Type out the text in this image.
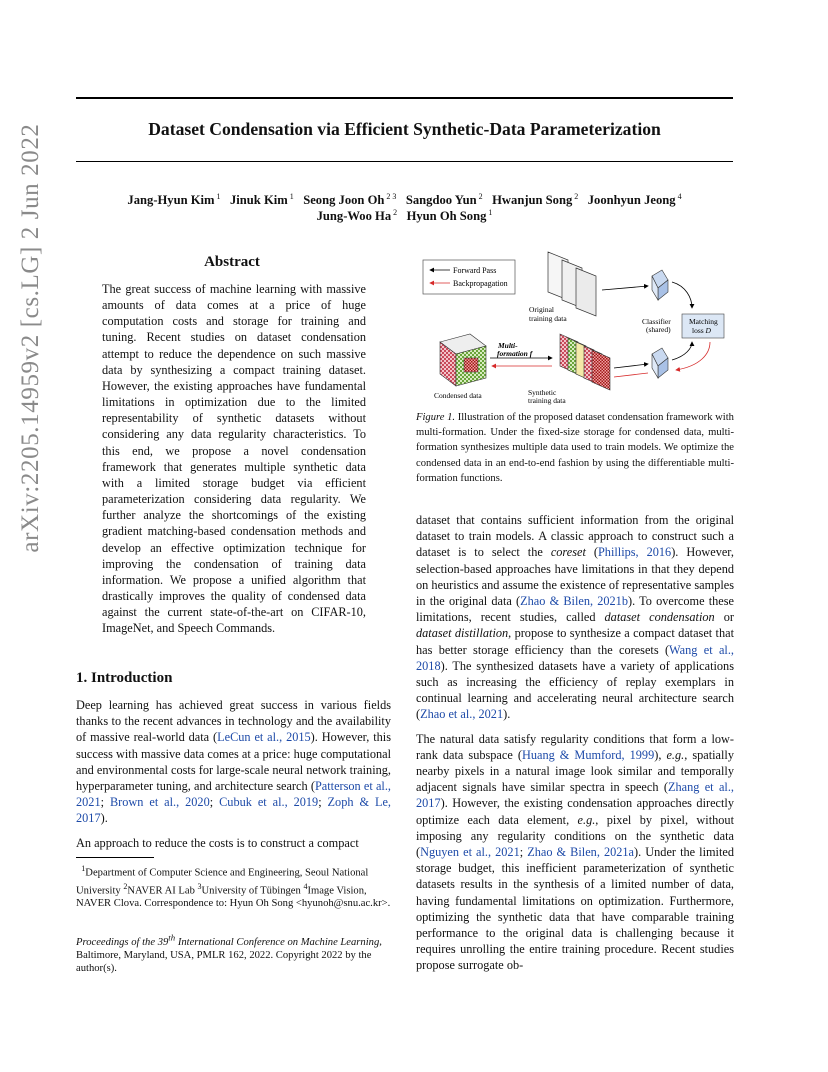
arXiv:2205.14959v2 [cs.LG] 2 Jun 2022	Dataset Condensation via Efficient Synthetic-Data Parameterization
Jang-Hyun Kim $^1$ Jinuk Kim $^1$ Seong Joon Oh $^{2 3}$ Sangdoo Yun $^2$ Hwanjun Song $^2$ Joonhyun Jeong $^4$
Jung-Woo Ha $^2$ Hyun Oh Song $^1$
Abstract
The great success of machine learning with massive amounts of data comes at a price of huge computation costs and storage for training and tuning. Recent studies on dataset condensation attempt to reduce the dependence on such massive data by synthesizing a compact training dataset. However, the existing approaches have fundamental limitations in optimization due to the limited representability of synthetic datasets without considering any data regularity characteristics. To this end, we propose a novel condensation framework that generates multiple synthetic data with a limited storage budget via efficient parameterization considering data regularity. We further analyze the shortcomings of the existing gradient matching-based condensation methods and develop an effective optimization technique for improving the condensation of training data information. We propose a unified algorithm that drastically improves the quality of condensed data against the current state-of-the-art on CIFAR-10, ImageNet, and Speech Commands.
1. Introduction

Deep learning has achieved great success in various fields thanks to the recent advances in technology and the availability of massive real-world data (LeCun et al., 2015). However, this success with massive data comes at a price: huge computational and environmental costs for large-scale neural network training, hyperparameter tuning, and architecture search (Patterson et al., 2021; Brown et al., 2020; Cubuk et al., 2019; Zoph & Le, 2017).

An approach to reduce the costs is to construct a compact

$^1$Department of Computer Science and Engineering, Seoul National University $^2$NAVER AI Lab $^3$University of Tübingen $^4$Image Vision, NAVER Clova. Correspondence to: Hyun Oh Song <hyunoh@snu.ac.kr>.
Proceedings of the 39th International Conference on Machine Learning, Baltimore, Maryland, USA, PMLR 162, 2022. Copyright 2022 by the author(s).
Forward Pass
Backpropagation
Original
training data	Classifier
(shared)
Matching
loss D
Synthetic
training data
Multi-
formation f
Condensed data
Figure 1. Illustration of the proposed dataset condensation framework with multi-formation. Under the fixed-size storage for condensed data, multi-formation synthesizes multiple data used to train models. We optimize the condensed data in an end-to-end fashion by using the differentiable multi-formation functions.

dataset that contains sufficient information from the original dataset to train models. A classic approach to construct such a dataset is to select the coreset (Phillips, 2016). However, selection-based approaches have limitations in that they depend on heuristics and assume the existence of representative samples in the original data (Zhao & Bilen, 2021b). To overcome these limitations, recent studies, called dataset condensation or dataset distillation, propose to synthesize a compact dataset that has better storage efficiency than the coresets (Wang et al., 2018). The synthesized datasets have a variety of applications such as increasing the efficiency of replay exemplars in continual learning and accelerating neural architecture search (Zhao et al., 2021).

The natural data satisfy regularity conditions that form a low-rank data subspace (Huang & Mumford, 1999), e.g., spatially nearby pixels in a natural image look similar and temporally adjacent signals have similar spectra in speech (Zhang et al., 2017). However, the existing condensation approaches directly optimize each data element, e.g., pixel by pixel, without imposing any regularity conditions on the synthetic data (Nguyen et al., 2021; Zhao & Bilen, 2021a). Under the limited storage budget, this inefficient parameterization of synthetic datasets results in the synthesis of a limited number of data, having fundamental limitations on optimization. Furthermore, optimizing the synthetic data that have comparable training performance to the original data is challenging because it requires unrolling the entire training procedure. Recent studies propose surrogate ob-
